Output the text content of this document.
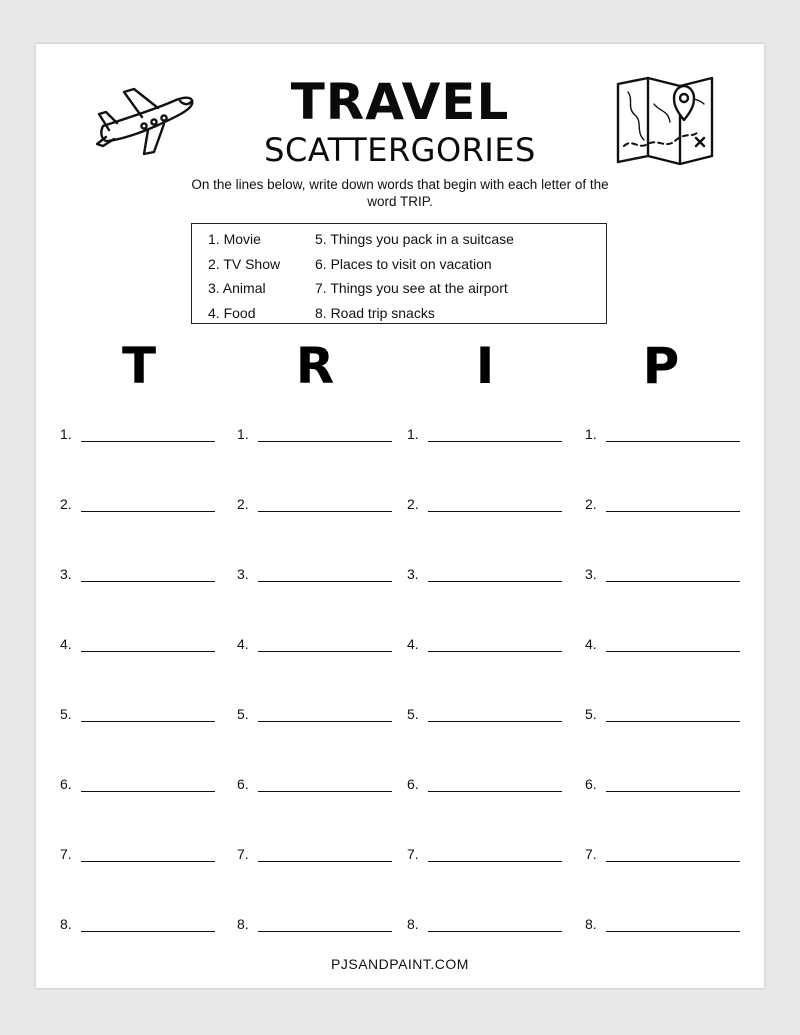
TRAVEL
SCATTERGORIES
On the lines below, write down words that begin with each letter of the word TRIP.
1. Movie
2. TV Show
3. Animal
4. Food
5. Things you pack in a suitcase
6. Places to visit on vacation
7. Things you see at the airport
8. Road trip snacks
T	R	I	P
1.	1.	1.	1.
2.	2.	2.	2.
3.	3.	3.	3.
4.	4.	4.	4.
5.	5.	5.	5.
6.	6.	6.	6.
7.	7.	7.	7.
8.	8.	8.	8.
PJSANDPAINT.COM
